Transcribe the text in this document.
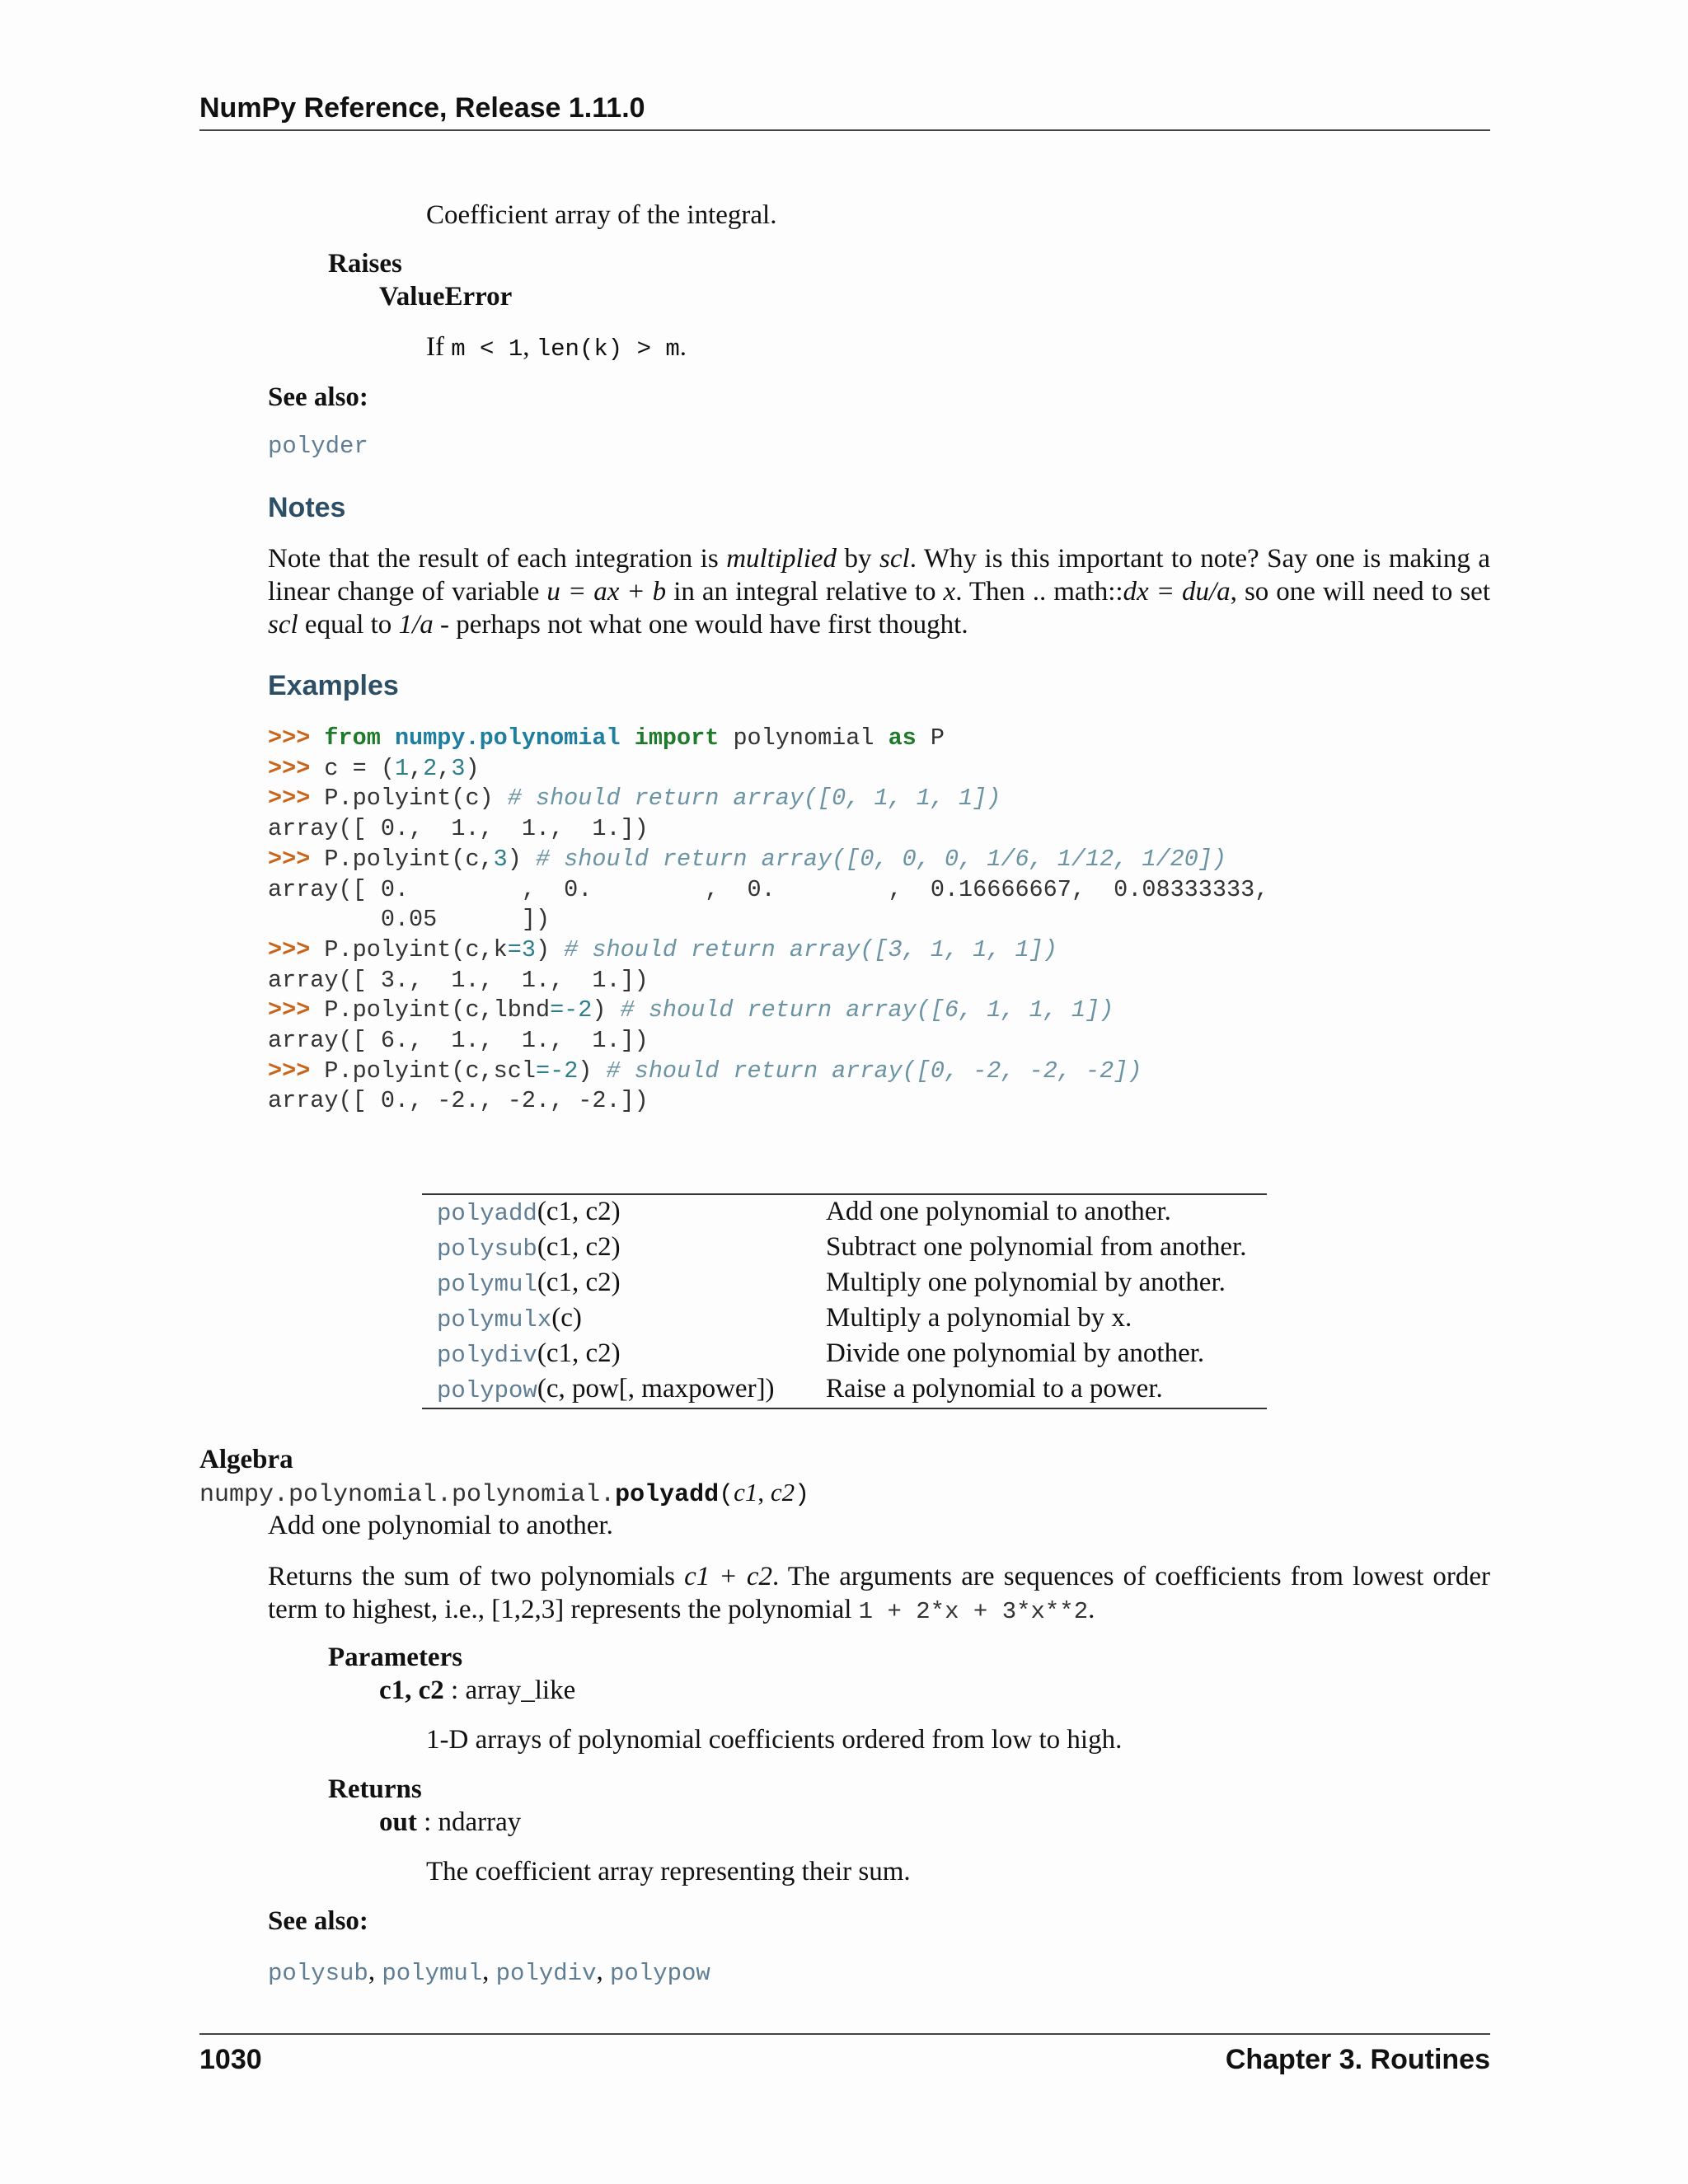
NumPy Reference, Release 1.11.0
Coefficient array of the integral.
Raises
ValueError
If m < 1, len(k) > m.
See also:
polyder
Notes
Note that the result of each integration is multiplied by scl. Why is this important to note? Say one is making a linear change of variable u = ax + b in an integral relative to x. Then .. math::dx = du/a, so one will need to set scl equal to 1/a - perhaps not what one would have first thought.
Examples
>>> from numpy.polynomial import polynomial as P
>>> c = (1,2,3)
>>> P.polyint(c) # should return array([0, 1, 1, 1])
array([ 0.,  1.,  1.,  1.])
>>> P.polyint(c,3) # should return array([0, 0, 0, 1/6, 1/12, 1/20])
array([ 0.        ,  0.        ,  0.        ,  0.16666667,  0.08333333,
0.05      ])
>>> P.polyint(c,k=3) # should return array([3, 1, 1, 1])
array([ 3.,  1.,  1.,  1.])
>>> P.polyint(c,lbnd=-2) # should return array([6, 1, 1, 1])
array([ 6.,  1.,  1.,  1.])
>>> P.polyint(c,scl=-2) # should return array([0, -2, -2, -2])
array([ 0., -2., -2., -2.])
polyadd(c1, c2)	Add one polynomial to another.
polysub(c1, c2)	Subtract one polynomial from another.
polymul(c1, c2)	Multiply one polynomial by another.
polymulx(c)	Multiply a polynomial by x.
polydiv(c1, c2)	Divide one polynomial by another.
polypow(c, pow[, maxpower])	Raise a polynomial to a power.
Algebra
numpy.polynomial.polynomial.polyadd(c1, c2)
Add one polynomial to another.
Returns the sum of two polynomials c1 + c2. The arguments are sequences of coefficients from lowest order term to highest, i.e., [1,2,3] represents the polynomial 1 + 2*x + 3*x**2.
Parameters
c1, c2 : array_like
1-D arrays of polynomial coefficients ordered from low to high.
Returns
out : ndarray
The coefficient array representing their sum.
See also:
polysub, polymul, polydiv, polypow
1030	Chapter 3. Routines
